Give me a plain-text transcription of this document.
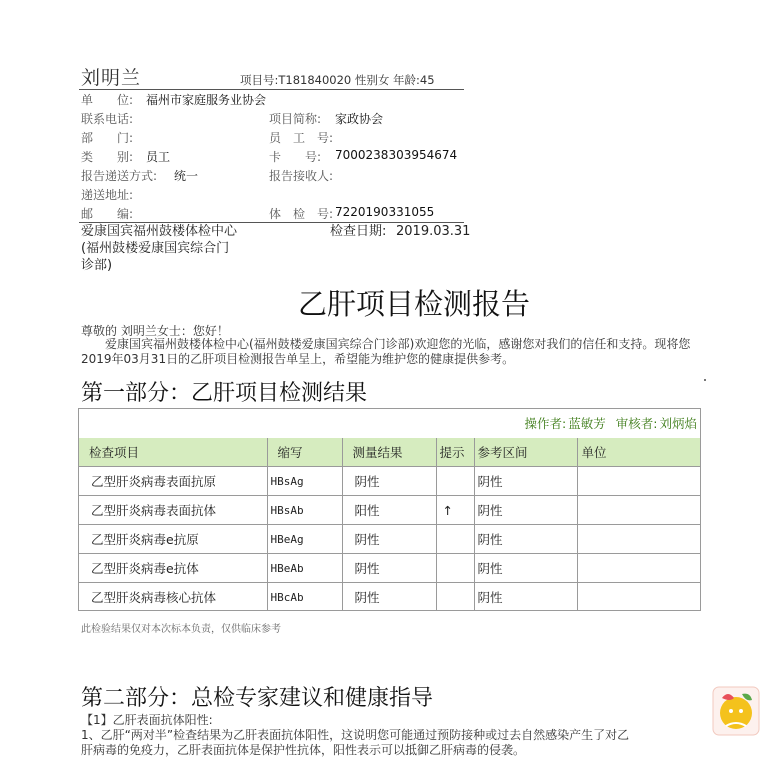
刘明兰	项目号:T181840020 性别女 年龄:45
单　　位: 福州市家庭服务业协会
联系电话:	项目简称: 家政协会
部　　门:	员　工　号:
类　　别: 员工	卡　　号: 7000238303954674
报告递送方式: 统一	报告接收人:
递送地址:
邮　　编:	体　检　号: 7220190331055
爱康国宾福州鼓楼体检中心
(福州鼓楼爱康国宾综合门
诊部)
检查日期: 2019.03.31
乙肝项目检测报告
尊敬的 刘明兰女士：您好！
爱康国宾福州鼓楼体检中心(福州鼓楼爱康国宾综合门诊部)欢迎您的光临，感谢您对我们的信任和支持。现将您2019年03月31日的乙肝项目检测报告单呈上，希望能为维护您的健康提供参考。
第一部分：乙肝项目检测结果
操作者: 蓝敏芳 审核者: 刘炳焰
检查项目	缩写	测量结果	提示	参考区间	单位
乙型肝炎病毒表面抗原	HBsAg	阴性		阴性	
乙型肝炎病毒表面抗体	HBsAb	阳性	↑	阴性	
乙型肝炎病毒e抗原	HBeAg	阴性		阴性	
乙型肝炎病毒e抗体	HBeAb	阴性		阴性	
乙型肝炎病毒核心抗体	HBcAb	阴性		阴性	
此检验结果仅对本次标本负责，仅供临床参考
第二部分：总检专家建议和健康指导
【1】乙肝表面抗体阳性:
1、乙肝“两对半”检查结果为乙肝表面抗体阳性，这说明您可能通过预防接种或过去自然感染产生了对乙
肝病毒的免疫力，乙肝表面抗体是保护性抗体，阳性表示可以抵御乙肝病毒的侵袭。
